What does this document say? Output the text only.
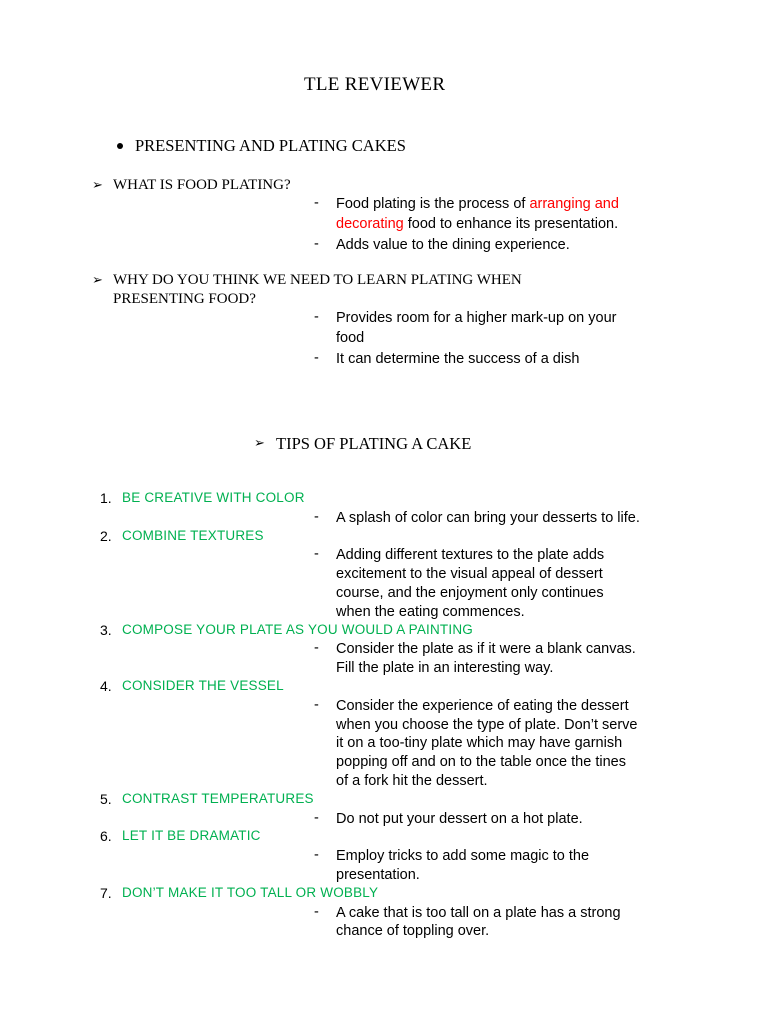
TLE REVIEWER
PRESENTING AND PLATING CAKES
➢ WHAT IS FOOD PLATING?
- Food plating is the process of arranging and
decorating food to enhance its presentation.
- Adds value to the dining experience.
➢ WHY DO YOU THINK WE NEED TO LEARN PLATING WHEN
PRESENTING FOOD?
- Provides room for a higher mark-up on your
food
- It can determine the success of a dish
➢ TIPS OF PLATING A CAKE
1. BE CREATIVE WITH COLOR
- A splash of color can bring your desserts to life.
2. COMBINE TEXTURES
- Adding different textures to the plate adds
excitement to the visual appeal of dessert
course, and the enjoyment only continues
when the eating commences.
3. COMPOSE YOUR PLATE AS YOU WOULD A PAINTING
- Consider the plate as if it were a blank canvas.
Fill the plate in an interesting way.
4. CONSIDER THE VESSEL
- Consider the experience of eating the dessert
when you choose the type of plate. Don’t serve
it on a too-tiny plate which may have garnish
popping off and on to the table once the tines
of a fork hit the dessert.
5. CONTRAST TEMPERATURES
- Do not put your dessert on a hot plate.
6. LET IT BE DRAMATIC
- Employ tricks to add some magic to the
presentation.
7. DON’T MAKE IT TOO TALL OR WOBBLY
- A cake that is too tall on a plate has a strong
chance of toppling over.
